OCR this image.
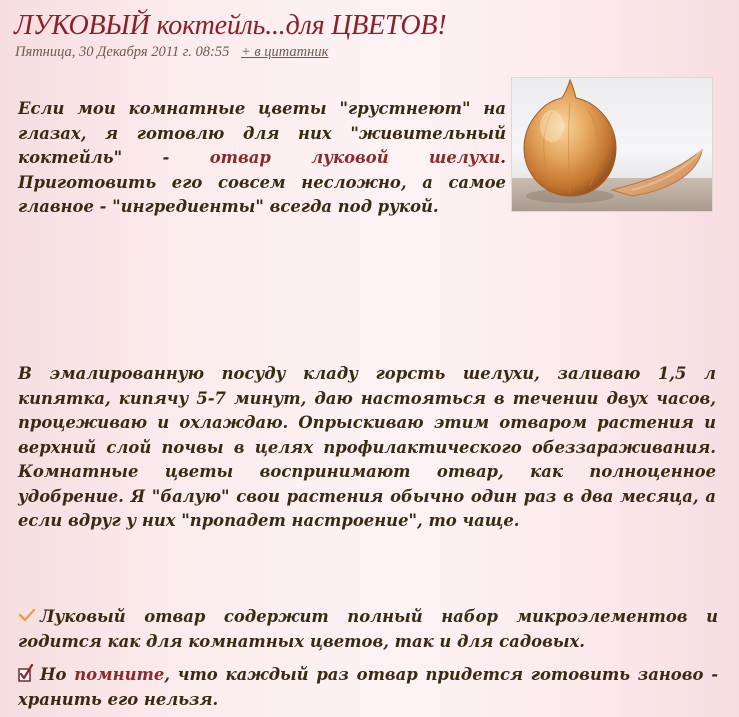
ЛУКОВЫЙ коктейль...для ЦВЕТОВ!
Пятница, 30 Декабря 2011 г. 08:55 + в цитатник

Если мои комнатные цветы "грустнеют" на глазах, я готовлю для них "живительный коктейль" - отвар луковой шелухи. Приготовить его совсем несложно, а самое главное - "ингредиенты" всегда под рукой.

В эмалированную посуду кладу горсть шелухи, заливаю 1,5 л кипятка, кипячу 5-7 минут, даю настояться в течении двух часов, процеживаю и охлаждаю. Опрыскиваю этим отваром растения и верхний слой почвы в целях профилактического обеззараживания. Комнатные цветы воспринимают отвар, как полноценное удобрение. Я "балую" свои растения обычно один раз в два месяца, а если вдруг у них "пропадет настроение", то чаще.

Луковый отвар содержит полный набор микроэлементов и годится как для комнатных цветов, так и для садовых.

Но помните, что каждый раз отвар придется готовить заново - хранить его нельзя.
